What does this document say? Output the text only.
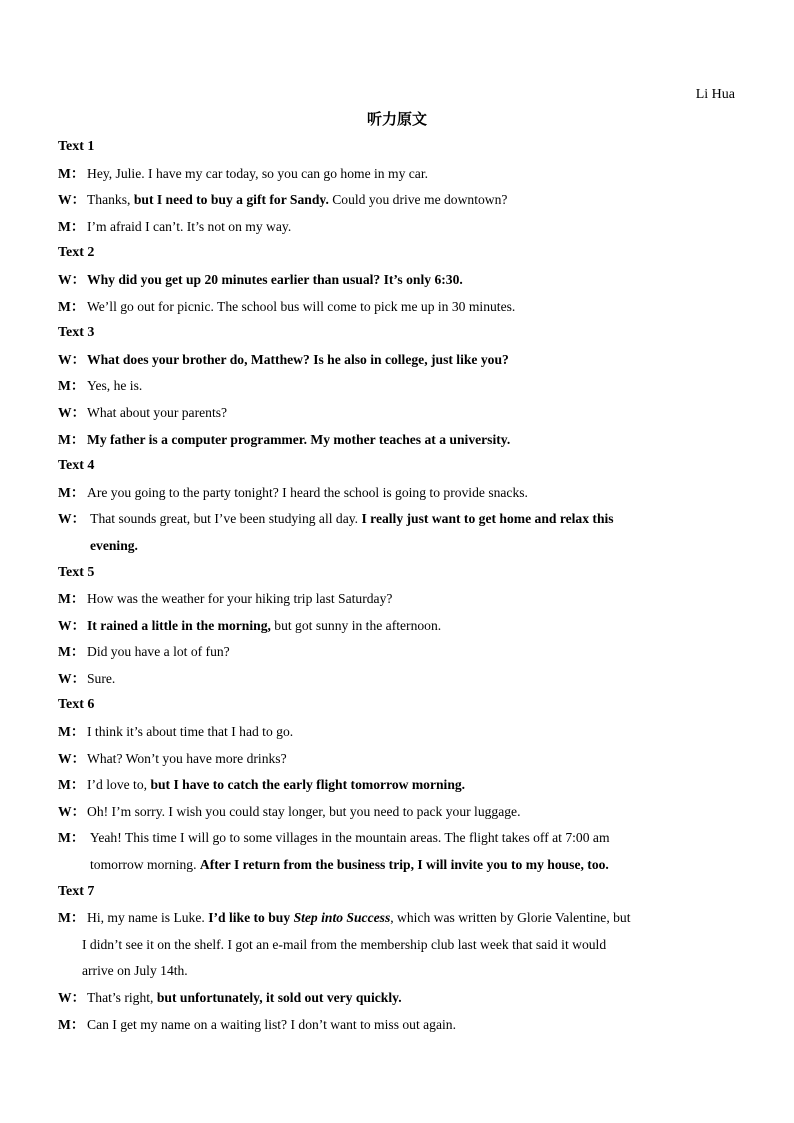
Li Hua
听力原文
Text 1
M： Hey, Julie. I have my car today, so you can go home in my car.
W： Thanks, but I need to buy a gift for Sandy. Could you drive me downtown?
M： I’m afraid I can’t. It’s not on my way.
Text 2
W： Why did you get up 20 minutes earlier than usual? It’s only 6:30.
M： We’ll go out for picnic. The school bus will come to pick me up in 30 minutes.
Text 3
W： What does your brother do, Matthew? Is he also in college, just like you?
M： Yes, he is.
W： What about your parents?
M： My father is a computer programmer. My mother teaches at a university.
Text 4
M： Are you going to the party tonight? I heard the school is going to provide snacks.
W： That sounds great, but I’ve been studying all day. I really just want to get home and relax this
evening.
Text 5
M： How was the weather for your hiking trip last Saturday?
W： It rained a little in the morning, but got sunny in the afternoon.
M： Did you have a lot of fun?
W： Sure.
Text 6
M： I think it’s about time that I had to go.
W： What? Won’t you have more drinks?
M： I’d love to, but I have to catch the early flight tomorrow morning.
W： Oh! I’m sorry. I wish you could stay longer, but you need to pack your luggage.
M： Yeah! This time I will go to some villages in the mountain areas. The flight takes off at 7:00 am
tomorrow morning. After I return from the business trip, I will invite you to my house, too.
Text 7
M： Hi, my name is Luke. I’d like to buy Step into Success, which was written by Glorie Valentine, but
I didn’t see it on the shelf. I got an e-mail from the membership club last week that said it would
arrive on July 14th.
W： That’s right, but unfortunately, it sold out very quickly.
M： Can I get my name on a waiting list? I don’t want to miss out again.
